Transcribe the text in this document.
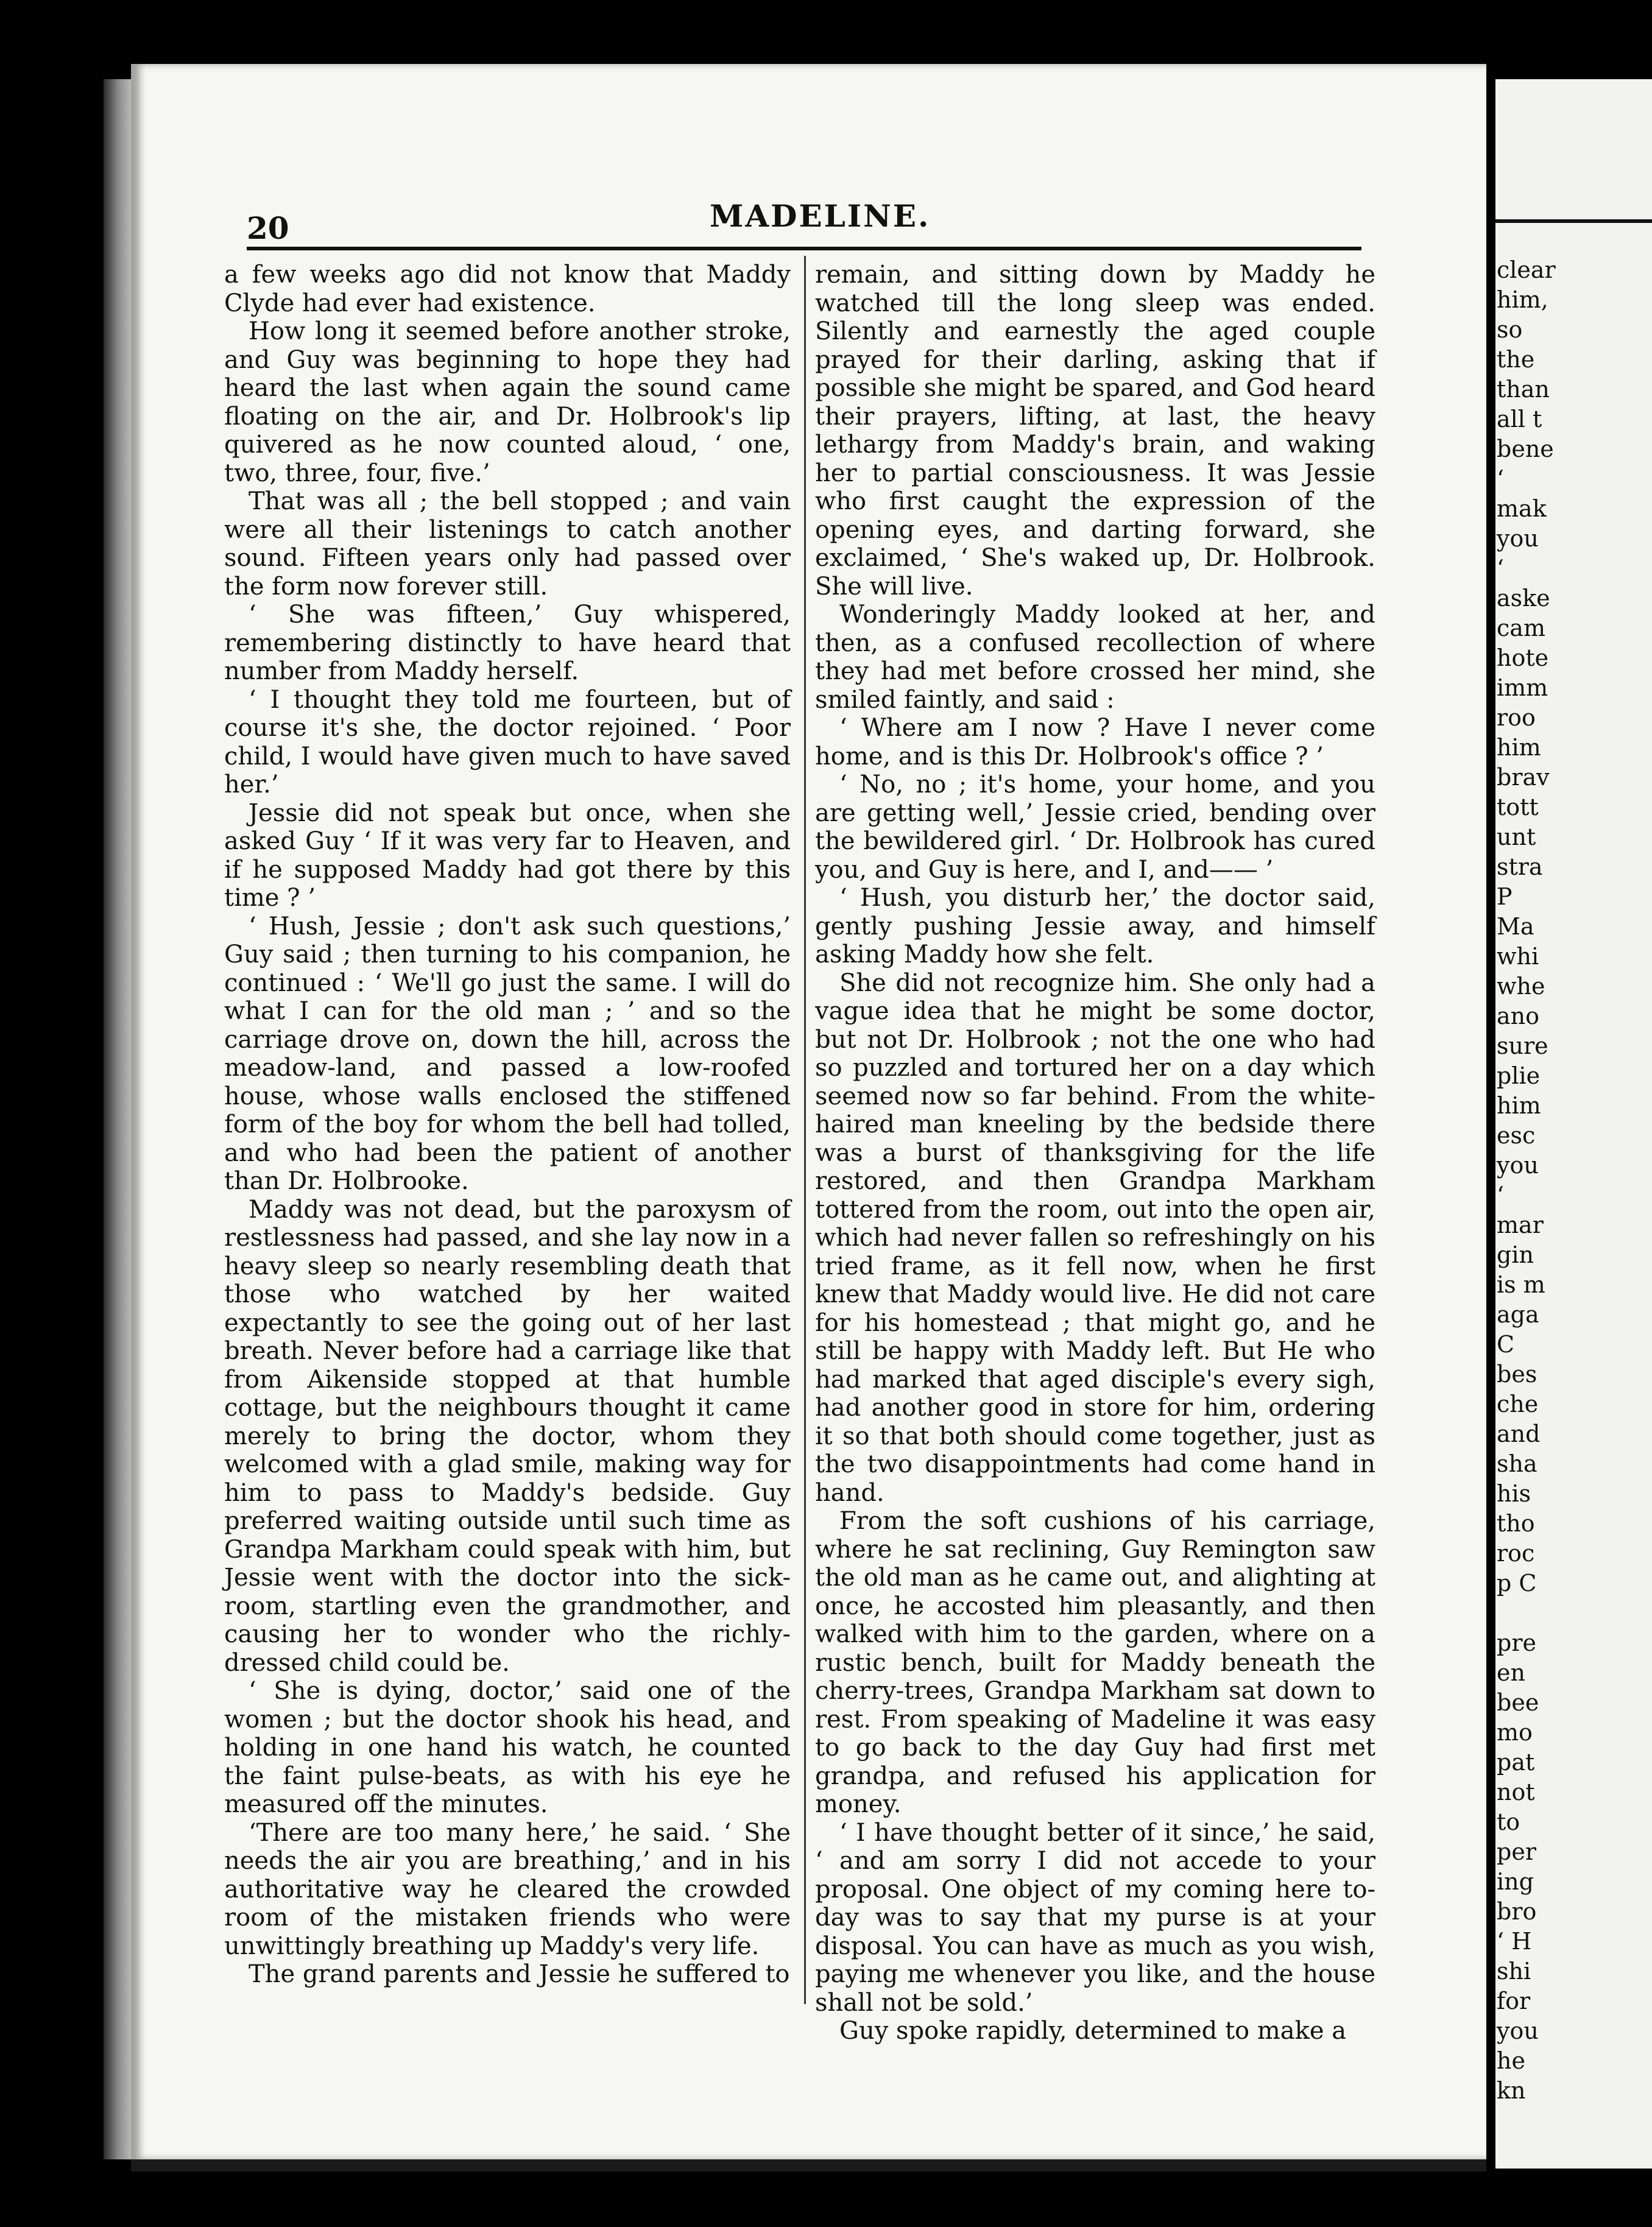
clear
him,
so
the
than
all t
bene
‘
mak
you
‘
aske
cam
hote
imm
roo
him
brav
tott
unt
stra
P
Ma
whi
whe
ano
sure
plie
him
esc
you
‘
mar
gin
is m
aga
C
bes
che
and
sha
his
tho
roc
p C
pre
en
bee
mo
pat
not
to
per
ing
bro
‘ H
shi
for
you
he
kn
20	MADELINE.

a few weeks ago did not know that Maddy Clyde had ever had existence.

How long it seemed before another stroke, and Guy was beginning to hope they had heard the last when again the sound came floating on the air, and Dr. Holbrook's lip quivered as he now counted aloud, ‘ one, two, three, four, five.’

That was all ; the bell stopped ; and vain were all their listenings to catch another sound. Fifteen years only had passed over the form now forever still.

‘ She was fifteen,’ Guy whispered, remembering distinctly to have heard that number from Maddy herself.

‘ I thought they told me fourteen, but of course it's she, the doctor rejoined. ‘ Poor child, I would have given much to have saved her.’

Jessie did not speak but once, when she asked Guy ‘ If it was very far to Heaven, and if he supposed Maddy had got there by this time ? ’

‘ Hush, Jessie ; don't ask such questions,’ Guy said ; then turning to his companion, he continued : ‘ We'll go just the same. I will do what I can for the old man ; ’ and so the carriage drove on, down the hill, across the meadow-land, and passed a low-roofed house, whose walls enclosed the stiffened form of the boy for whom the bell had tolled, and who had been the patient of another than Dr. Holbrooke.

Maddy was not dead, but the paroxysm of restlessness had passed, and she lay now in a heavy sleep so nearly resembling death that those who watched by her waited expectantly to see the going out of her last breath. Never before had a carriage like that from Aikenside stopped at that humble cottage, but the neighbours thought it came merely to bring the doctor, whom they welcomed with a glad smile, making way for him to pass to Maddy's bedside. Guy preferred waiting outside until such time as Grandpa Markham could speak with him, but Jessie went with the doctor into the sick-room, startling even the grandmother, and causing her to wonder who the richly-dressed child could be.

‘ She is dying, doctor,’ said one of the women ; but the doctor shook his head, and holding in one hand his watch, he counted the faint pulse-beats, as with his eye he measured off the minutes.

‘There are too many here,’ he said. ‘ She needs the air you are breathing,’ and in his authoritative way he cleared the crowded room of the mistaken friends who were unwittingly breathing up Maddy's very life.

The grand parents and Jessie he suffered to

remain, and sitting down by Maddy he watched till the long sleep was ended. Silently and earnestly the aged couple prayed for their darling, asking that if possible she might be spared, and God heard their prayers, lifting, at last, the heavy lethargy from Maddy's brain, and waking her to partial consciousness. It was Jessie who first caught the expression of the opening eyes, and darting forward, she exclaimed, ‘ She's waked up, Dr. Holbrook. She will live.

Wonderingly Maddy looked at her, and then, as a confused recollection of where they had met before crossed her mind, she smiled faintly, and said :

‘ Where am I now ? Have I never come home, and is this Dr. Holbrook's office ? ’

‘ No, no ; it's home, your home, and you are getting well,’ Jessie cried, bending over the bewildered girl. ‘ Dr. Holbrook has cured you, and Guy is here, and I, and—— ’

‘ Hush, you disturb her,’ the doctor said, gently pushing Jessie away, and himself asking Maddy how she felt.

She did not recognize him. She only had a vague idea that he might be some doctor, but not Dr. Holbrook ; not the one who had so puzzled and tortured her on a day which seemed now so far behind. From the white-haired man kneeling by the bedside there was a burst of thanksgiving for the life restored, and then Grandpa Markham tottered from the room, out into the open air, which had never fallen so refreshingly on his tried frame, as it fell now, when he first knew that Maddy would live. He did not care for his homestead ; that might go, and he still be happy with Maddy left. But He who had marked that aged disciple's every sigh, had another good in store for him, ordering it so that both should come together, just as the two disappointments had come hand in hand.

From the soft cushions of his carriage, where he sat reclining, Guy Remington saw the old man as he came out, and alighting at once, he accosted him pleasantly, and then walked with him to the garden, where on a rustic bench, built for Maddy beneath the cherry-trees, Grandpa Markham sat down to rest. From speaking of Madeline it was easy to go back to the day Guy had first met grandpa, and refused his application for money.

‘ I have thought better of it since,’ he said, ‘ and am sorry I did not accede to your proposal. One object of my coming here to-day was to say that my purse is at your disposal. You can have as much as you wish, paying me whenever you like, and the house shall not be sold.’

Guy spoke rapidly, determined to make a
